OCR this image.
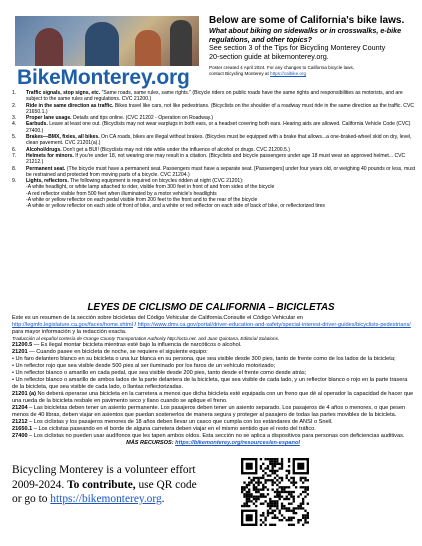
BikeMonterey.org
Below are some of California's bike laws.
What about biking on sidewalks or in crosswalks, e-bike regulations, and other topics?
See section 3 of the Tips for Bicycling Monterey County
20-section guide at bikemonterey.org.
Poster created 4 April 2024. For any changes to California bicycle laws,
contact Bicycling Monterey at https://calbike.org
1. Traffic signals, stop signs, etc. "Same roads, same rules, same rights." (Bicycle riders on public roads have the same rights and responsibilities as motorists, and are subject to the same rules and regulations. CVC 21200.)
2. Ride in the same direction as traffic. Bikes travel like cars, not like pedestrians. (Bicyclists on the shoulder of a roadway must ride in the same direction as the traffic. CVC 21650.1.)
3. Proper lane usage. Details and tips online. (CVC 21202 - Operation on Roadway.)
4. Earbuds. Leave at least one out. (Bicyclists may not wear earplugs in both ears, or a headset covering both ears. Hearing aids are allowed. California Vehicle Code (CVC) 27400.)
5. Brakes—BMX, fixies, all bikes. On CA roads, bikes are illegal without brakes. (Bicycles must be equipped with a brake that allows...a one-braked-wheel skid on dry, level, clean pavement. CVC 21201(a).)
6. Alcohol/drugs. Don't get a BUI! (Bicyclists may not ride while under the influence of alcohol or drugs. CVC 21200.5.)
7. Helmets for minors. If you're under 18, not wearing one may result in a citation. (Bicyclists and bicycle passengers under age 18 must wear an approved helmet... CVC 21212.)
8. Permanent seat. (The bicycle must have a permanent seat. Passengers must have a separate seat. [Passengers] under four years old, or weighing 40 pounds or less, must be restrained and protected from moving parts of a bicycle. CVC 21204.)
9. Lights, reflectors. The following equipment is required on bicycles ridden at night (CVC 21201):
-A white headlight, or white lamp attached to rider, visible from 300 feet in front of and from sides of the bicycle
-A red reflector visible from 500 feet when illuminated by a motor vehicle's headlights
-A white or yellow reflector on each pedal visible from 200 feet to the front and to the rear of the bicycle
-A white or yellow reflector on each side of front of bike, and a white or red reflector on each side of back of bike, or reflectorized tires
LEYES DE CICLISMO DE CALIFORNIA – BICICLETAS

Este es un resumen de la sección sobre bicicletas del Código Vehicular de California.Consulte el Código Vehicular en
http://leginfo.legislature.ca.gov/faces/home.xhtml / https://www.dmv.ca.gov/portal/driver-education-and-safety/special-interest-driver-guides/bicyclists-pedestrians/ para mayor información y la redacción exacta.

Traducción al español cortesía de Orange County Transportation Authority http://octa.net. and Juan Quintana, Editorial Solutions.

21200.5 — Es ilegal montar bicicleta mientras esté bajo la influencia de narcóticos o alcohol.

21201 — Cuando pasee en bicicleta de noche, se requiere el siguiente equipo:

• Un faro delantero blanco en su bicicleta o una luz blanca en su persona, que sea visible desde 300 pies, tanto de frente como de los lados de la bicicleta;

• Un reflector rojo que sea visible desde 500 pies al ser iluminado por los faros de un vehículo motorizado;

• Un reflector blanco o amarillo en cada pedal, que sea visible desde 200 pies, tanto desde el frente como desde atrás;

• Un reflector blanco o amarillo de ambos lados de la parte delantera de la bicicleta, que sea visible de cada lado, y un reflector blanco o rojo en la parte trasera de la bicicleta, que sea visible de cada lado, o llantas reflectorizadas.

21201 (a) No deberá operarse una bicicleta en la carretera a menos que dicha bicicleta esté equipada con un freno que dé al operador la capacidad de hacer que una rueda de la bicicleta resbale en pavimento seco y llano cuando se aplique el freno.

21204 – Las bicicletas deben tener un asiento permanente. Los pasajeros deben tener un asiento separado. Los pasajeros de 4 años o menores, o que pesen menos de 40 libras, deben viajar en asientos que puedan sostenerlos de manera segura y proteger al pasajero de todas las partes movibles de la bicicleta.

21212 – Los ciclistas y los pasajeros menores de 18 años deben llevar un casco que cumpla con los estándares de ANSI o Snell.

21650.1 – Los ciclistas paseando en el borde de alguna carretera deben viajar en el mismo sentido que el resto del tráfico.

27400 – Los ciclistas no pueden usar audífonos que les tapen ambos oídos. Esta sección no se aplica a dispositivos para personas con deficiencias auditivas.

MÁS RECURSOS: https://bikemonterey.org/resources/en-espanol

Bicycling Monterey is a volunteer effort
2009-2024. To contribute, use QR code
or go to https://bikemonterey.org.
